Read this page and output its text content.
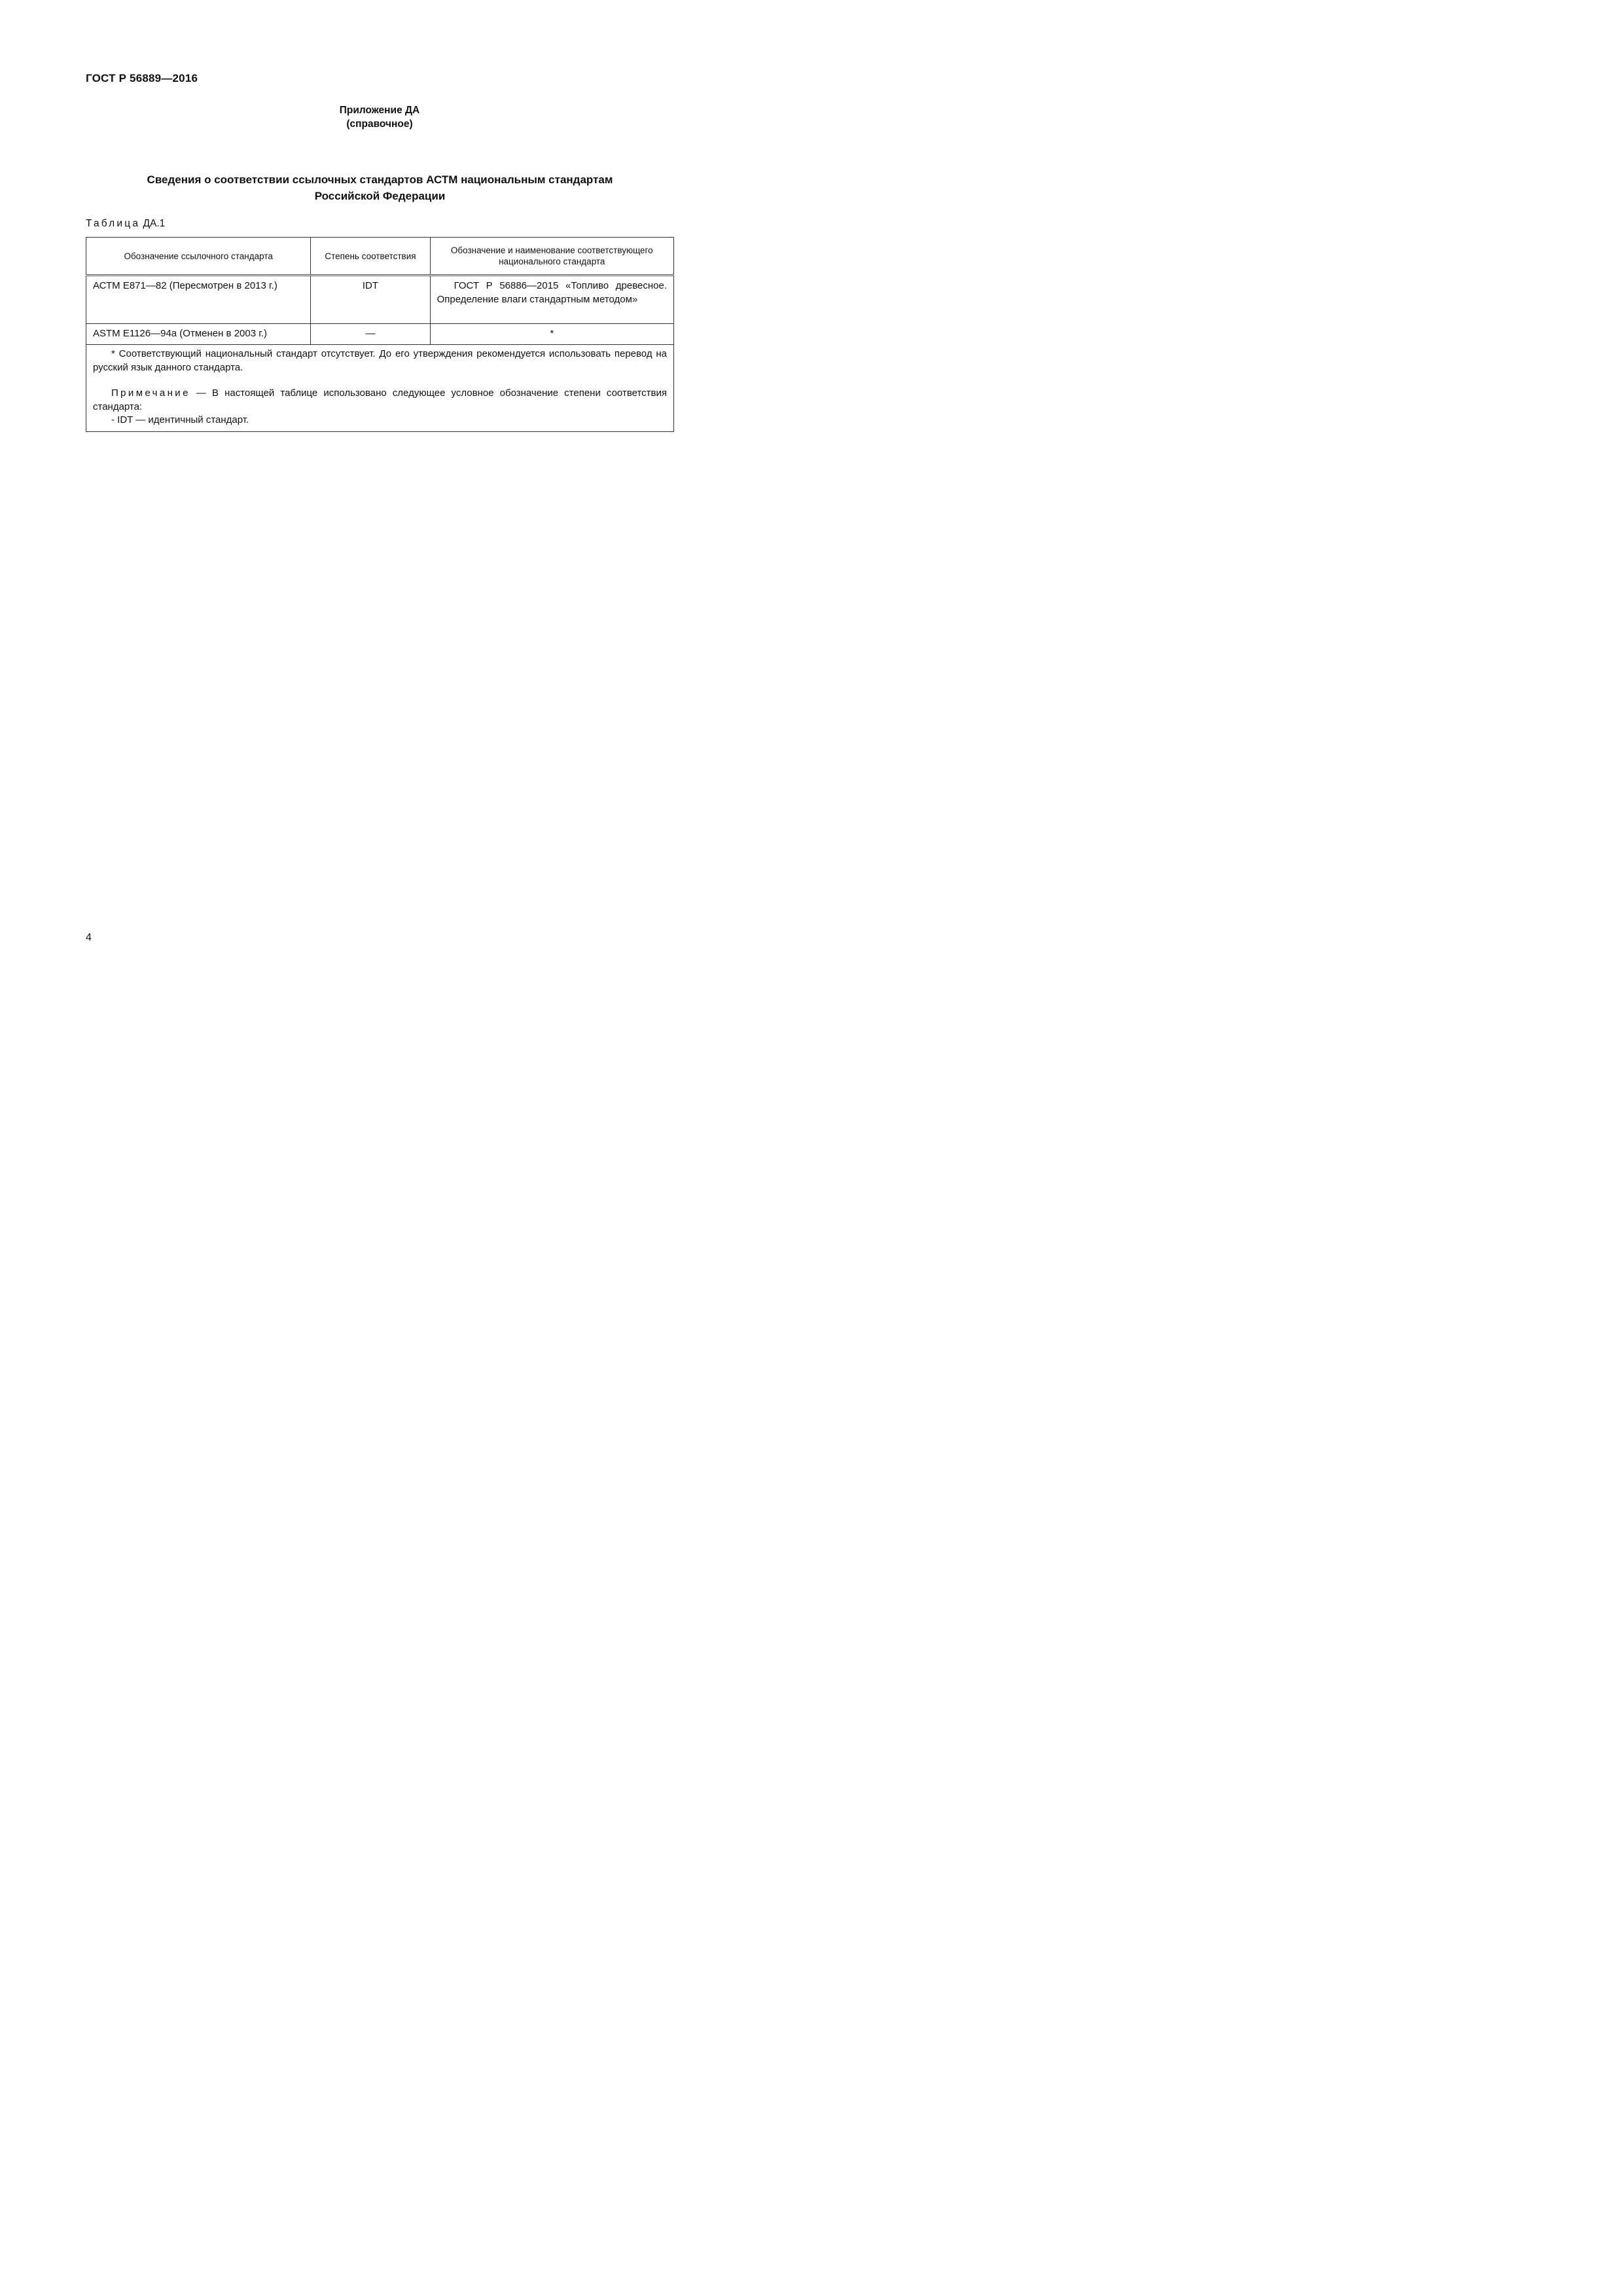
ГОСТ Р 56889—2016
Приложение ДА
(справочное)
Сведения о соответствии ссылочных стандартов АСТМ национальным стандартам
Российской Федерации
Таблица ДА.1
Обозначение ссылочного стандарта	Степень соответствия	Обозначение и наименование соответствующего национального стандарта
АСТМ Е871—82 (Пересмотрен в 2013 г.)	IDT	ГОСТ Р 56886—2015 «Топливо древесное. Определение влаги стандартным методом»
ASTM E1126—94a (Отменен в 2003 г.)	—	*

* Соответствующий национальный стандарт отсутствует. До его утверждения рекомендуется использовать перевод на русский язык данного стандарта.
Примечание — В настоящей таблице использовано следующее условное обозначение степени соответствия стандарта:
- IDT — идентичный стандарт.		
4
